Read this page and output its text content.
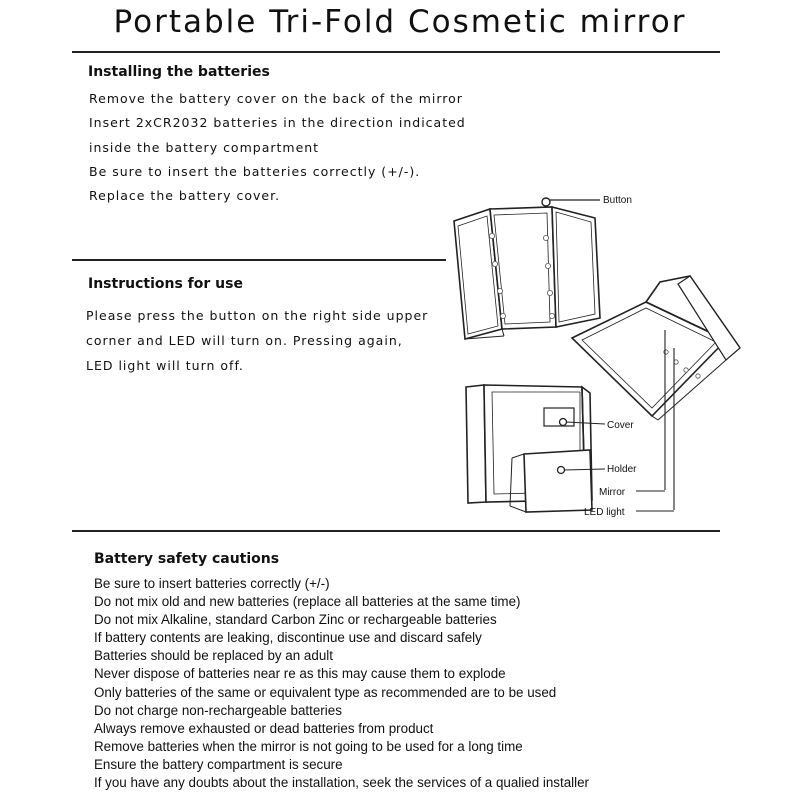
Portable Tri-Fold Cosmetic mirror
Installing the batteries
Remove the battery cover on the back of the mirror
Insert 2xCR2032 batteries in the direction indicated
inside the battery compartment
Be sure to insert the batteries correctly (+/-).
Replace the battery cover.
Instructions for use
Please press the button on the right side upper
corner and LED will turn on. Pressing again,
LED light will turn off.
Button
Cover
Holder
Mirror
LED light
Battery safety cautions
Be sure to insert batteries correctly (+/-)
Do not mix old and new batteries (replace all batteries at the same time)
Do not mix Alkaline, standard Carbon Zinc or rechargeable batteries
If battery contents are leaking, discontinue use and discard safely
Batteries should be replaced by an adult
Never dispose of batteries near re as this may cause them to explode
Only batteries of the same or equivalent type as recommended are to be used
Do not charge non-rechargeable batteries
Always remove exhausted or dead batteries from product
Remove batteries when the mirror is not going to be used for a long time
Ensure the battery compartment is secure
If you have any doubts about the installation, seek the services of a qualied installer
